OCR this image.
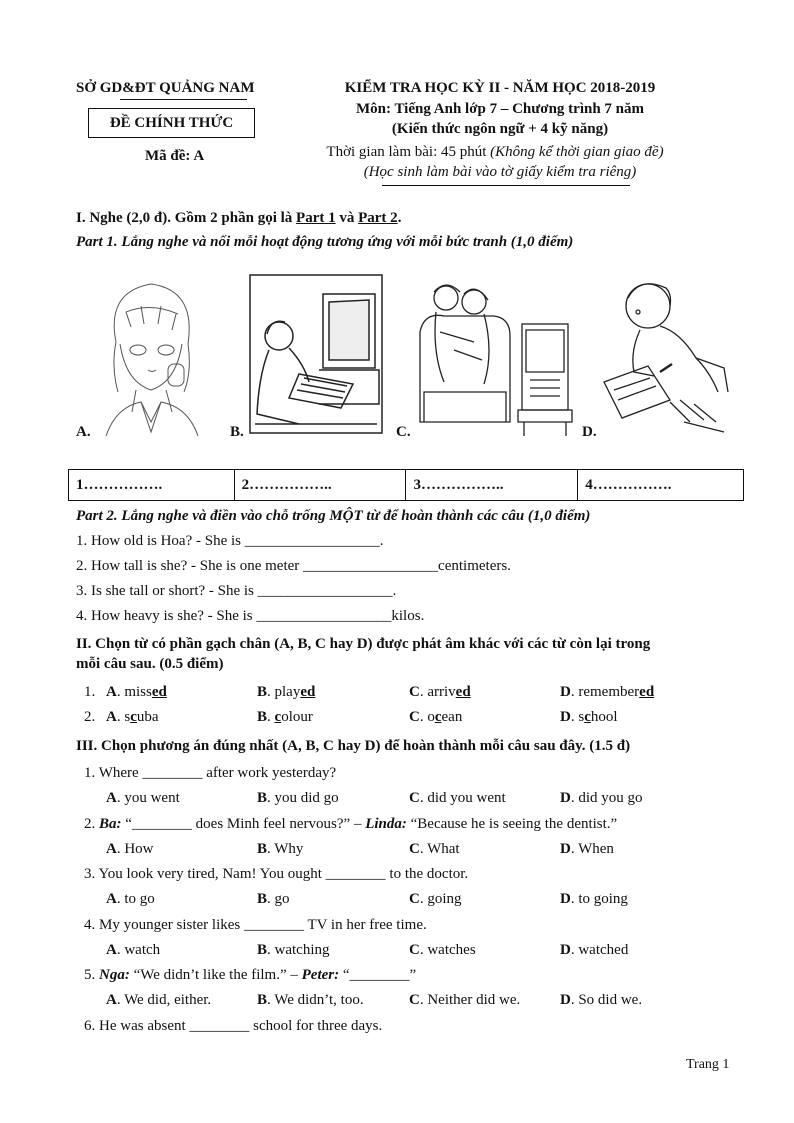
SỞ GD&ĐT QUẢNG NAM
ĐỀ CHÍNH THỨC
Mã đề: A
KIỂM TRA HỌC KỲ II - NĂM HỌC 2018-2019
Môn: Tiếng Anh lớp 7 – Chương trình 7 năm
(Kiến thức ngôn ngữ + 4 kỹ năng)
Thời gian làm bài: 45 phút (Không kể thời gian giao đề)
(Học sinh làm bài vào tờ giấy kiểm tra riêng)
I. Nghe (2,0 đ). Gồm 2 phần gọi là Part 1 và Part 2.
Part 1. Lắng nghe và nối mỗi hoạt động tương ứng với mỗi bức tranh (1,0 điểm)
A.	B.	C.	D.
1…………….	2……………..	3……………..	4…………….
Part 2. Lắng nghe và điền vào chỗ trống MỘT từ để hoàn thành các câu (1,0 điểm)
1. How old is Hoa? - She is __________________.
2. How tall is she? - She is one meter __________________centimeters.
3. Is she tall or short? - She is __________________.
4. How heavy is she? - She is __________________kilos.
II. Chọn từ có phần gạch chân (A, B, C hay D) được phát âm khác với các từ còn lại trong
mỗi câu sau. (0.5 điểm)
1. A. missed	B. played	C. arrived	D. remembered
2. A. scuba	B. colour	C. ocean	D. school
III. Chọn phương án đúng nhất (A, B, C hay D) để hoàn thành mỗi câu sau đây. (1.5 đ)
1. Where ________ after work yesterday?
A. you went	B. you did go	C. did you went	D. did you go
2. Ba: “________ does Minh feel nervous?” – Linda: “Because he is seeing the dentist.”
A. How	B. Why	C. What	D. When
3. You look very tired, Nam! You ought ________ to the doctor.
A. to go	B. go	C. going	D. to going
4. My younger sister likes ________ TV in her free time.
A. watch	B. watching	C. watches	D. watched
5. Nga: “We didn’t like the film.” – Peter: “________”
A. We did, either.	B. We didn’t, too.	C. Neither did we.	D. So did we.
6. He was absent ________ school for three days.
Trang 1
